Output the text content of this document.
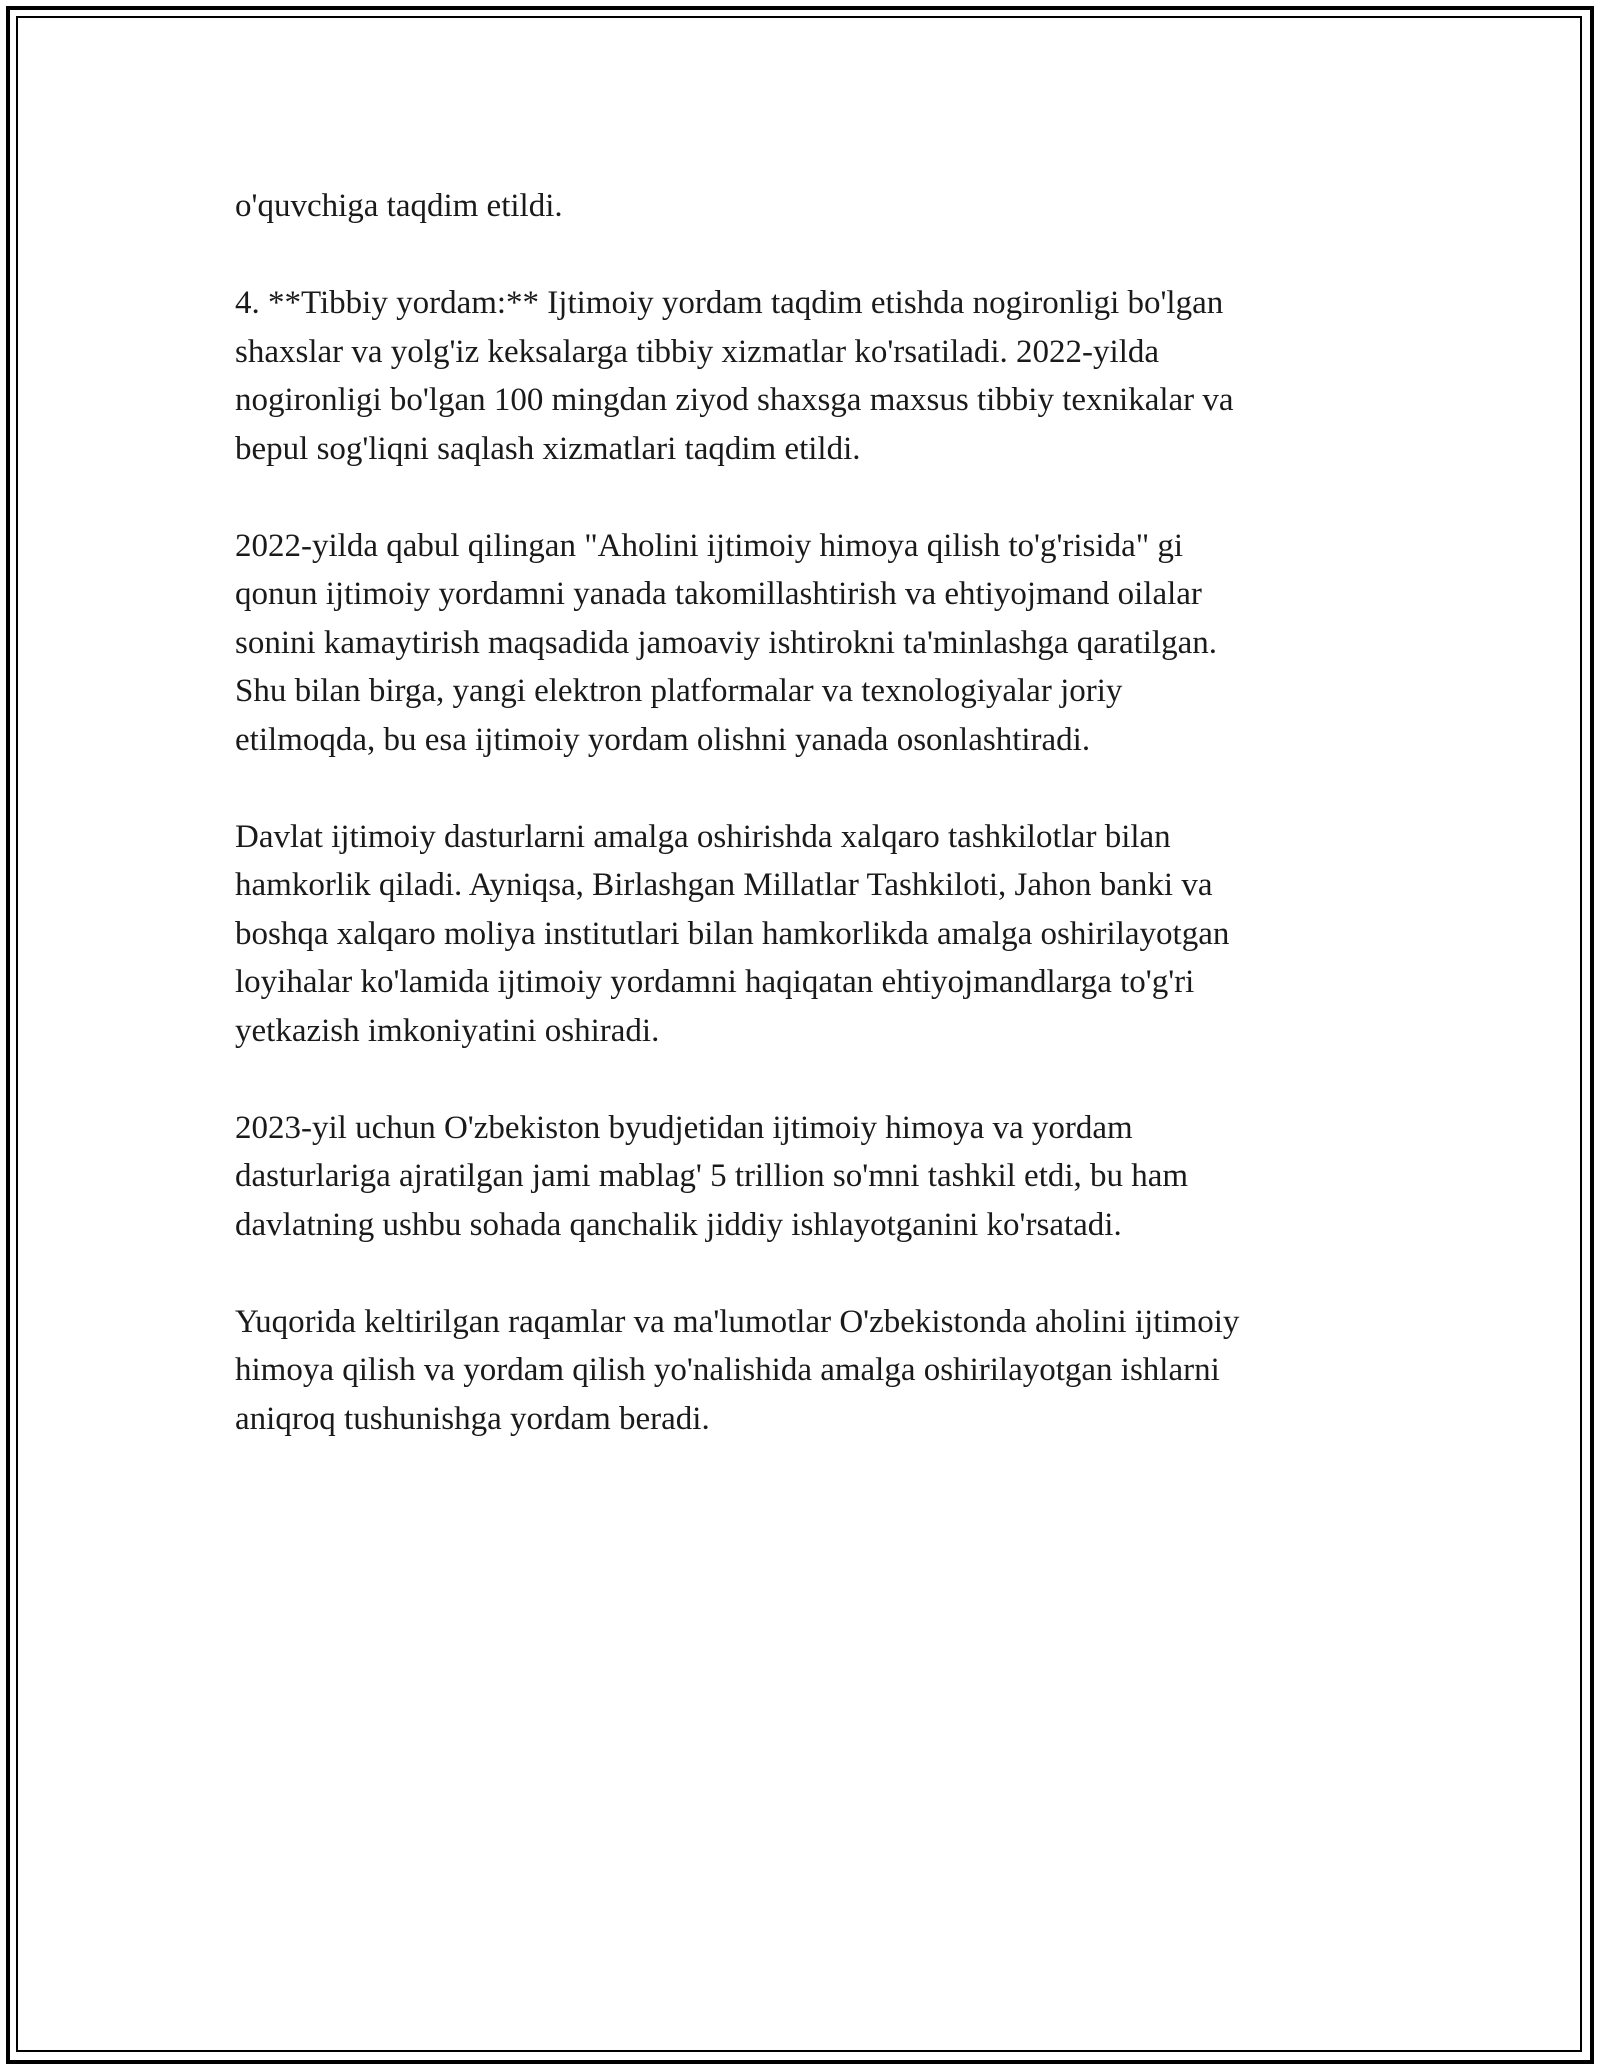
o'quvchiga taqdim etildi.

4. **Tibbiy yordam:** Ijtimoiy yordam taqdim etishda nogironligi bo'lgan
shaxslar va yolg'iz keksalarga tibbiy xizmatlar ko'rsatiladi. 2022-yilda
nogironligi bo'lgan 100 mingdan ziyod shaxsga maxsus tibbiy texnikalar va
bepul sog'liqni saqlash xizmatlari taqdim etildi.

2022-yilda qabul qilingan "Aholini ijtimoiy himoya qilish to'g'risida" gi
qonun ijtimoiy yordamni yanada takomillashtirish va ehtiyojmand oilalar
sonini kamaytirish maqsadida jamoaviy ishtirokni ta'minlashga qaratilgan.
Shu bilan birga, yangi elektron platformalar va texnologiyalar joriy
etilmoqda, bu esa ijtimoiy yordam olishni yanada osonlashtiradi.

Davlat ijtimoiy dasturlarni amalga oshirishda xalqaro tashkilotlar bilan
hamkorlik qiladi. Ayniqsa, Birlashgan Millatlar Tashkiloti, Jahon banki va
boshqa xalqaro moliya institutlari bilan hamkorlikda amalga oshirilayotgan
loyihalar ko'lamida ijtimoiy yordamni haqiqatan ehtiyojmandlarga to'g'ri
yetkazish imkoniyatini oshiradi.

2023-yil uchun O'zbekiston byudjetidan ijtimoiy himoya va yordam
dasturlariga ajratilgan jami mablag' 5 trillion so'mni tashkil etdi, bu ham
davlatning ushbu sohada qanchalik jiddiy ishlayotganini ko'rsatadi.

Yuqorida keltirilgan raqamlar va ma'lumotlar O'zbekistonda aholini ijtimoiy
himoya qilish va yordam qilish yo'nalishida amalga oshirilayotgan ishlarni
aniqroq tushunishga yordam beradi.
